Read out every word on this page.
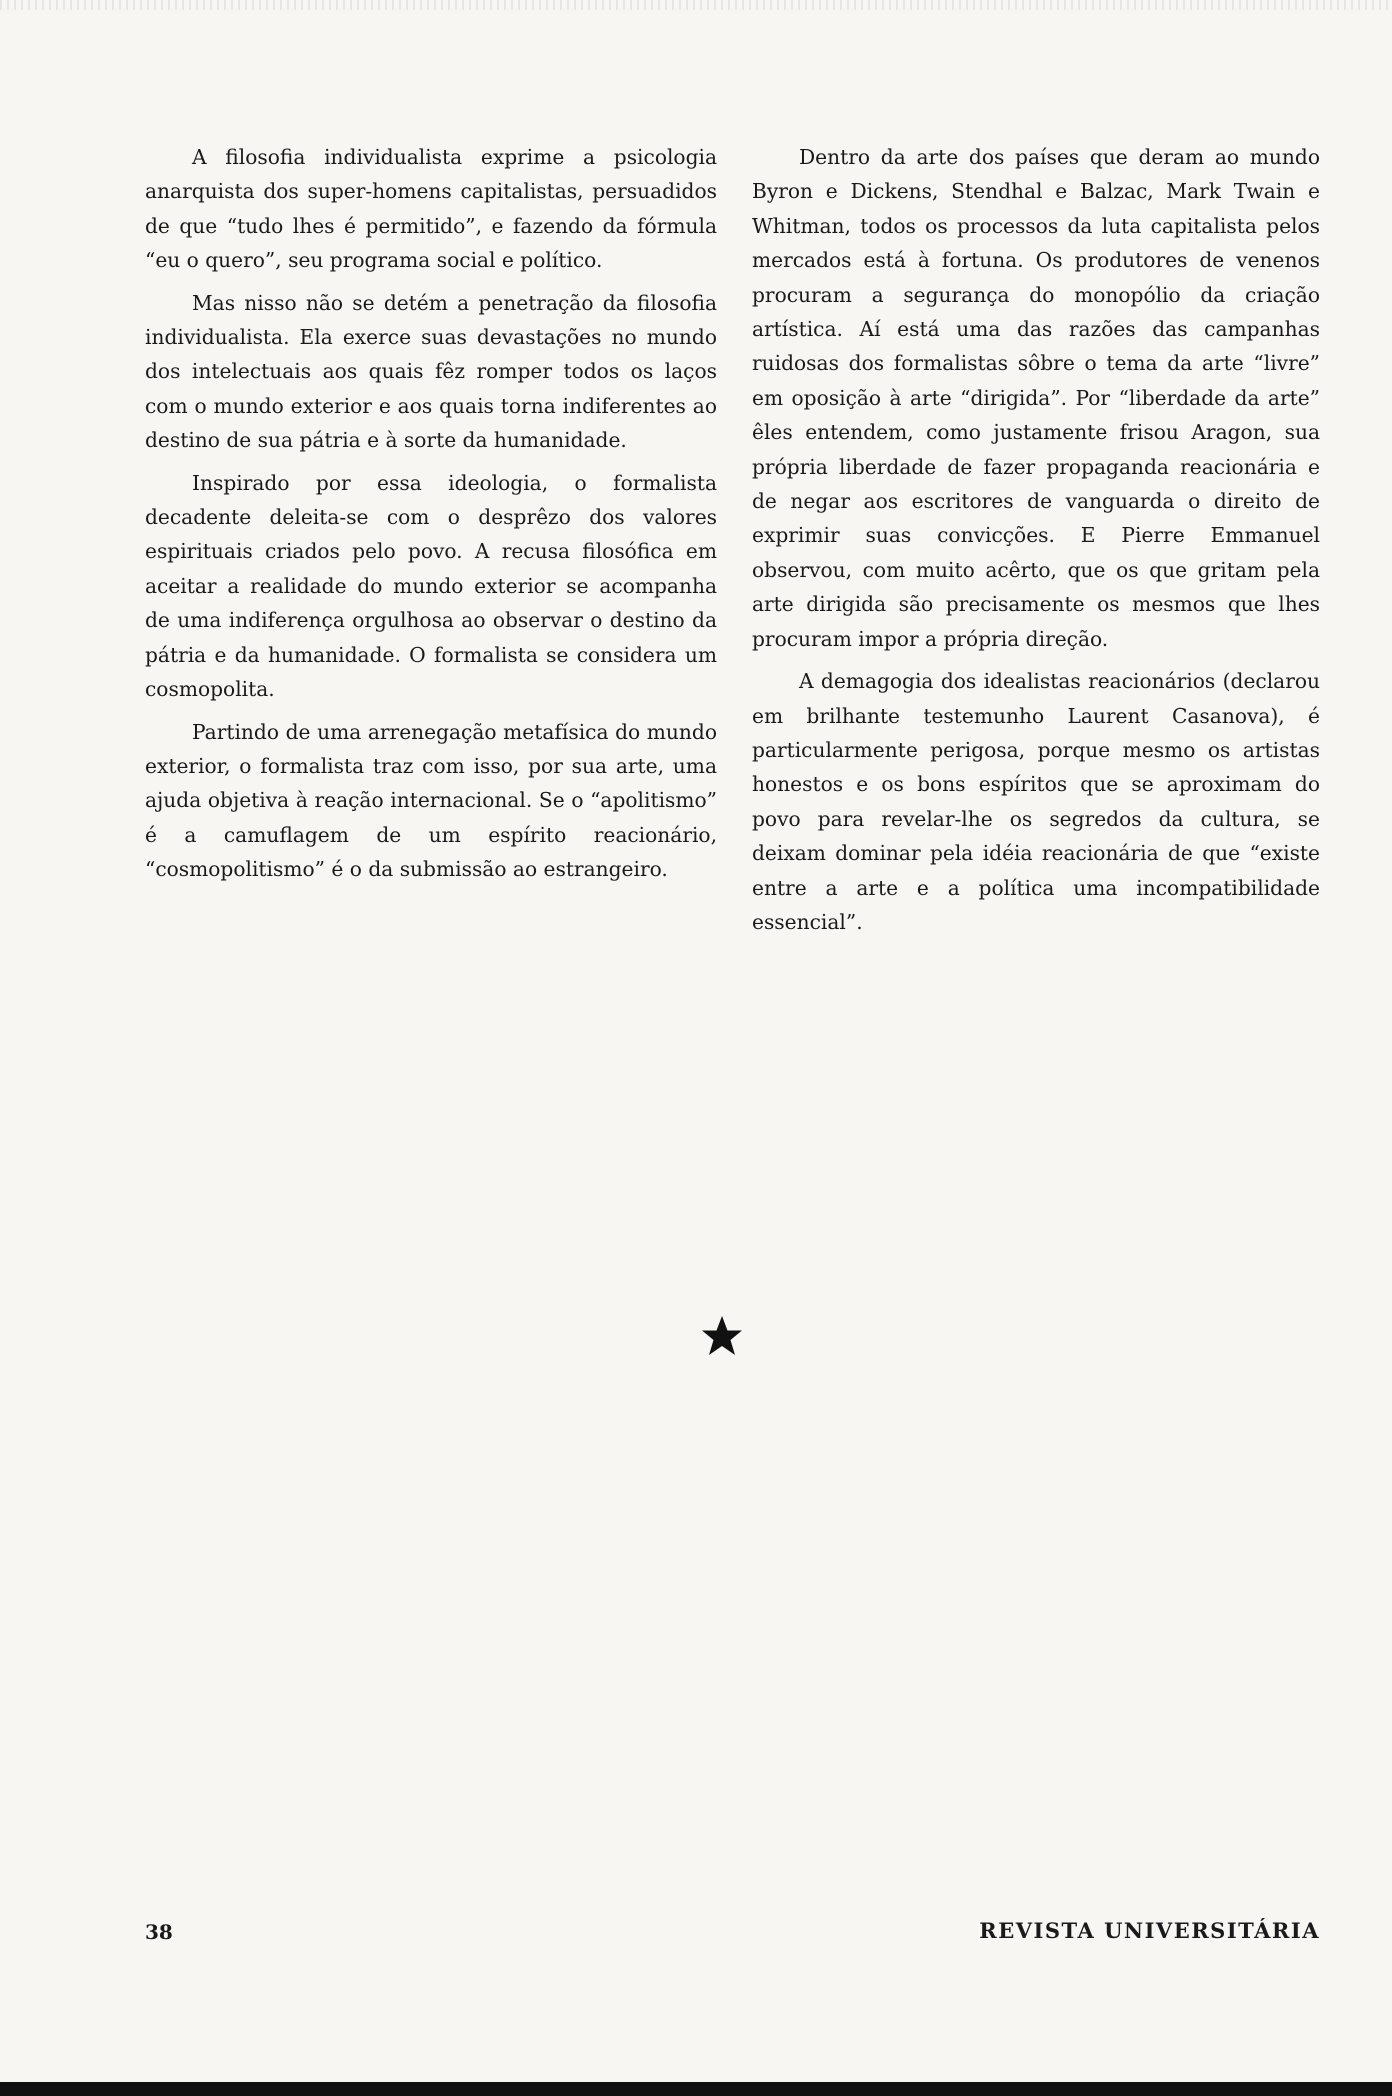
A filosofia individualista exprime a psicologia anarquista dos super-homens capitalistas, persuadidos de que “tudo lhes é permitido”, e fazendo da fórmula “eu o quero”, seu programa social e político.

Mas nisso não se detém a penetração da filosofia individualista. Ela exerce suas devastações no mundo dos intelectuais aos quais fêz romper todos os laços com o mundo exterior e aos quais torna indiferentes ao destino de sua pátria e à sorte da humanidade.

Inspirado por essa ideologia, o formalista decadente deleita-se com o desprêzo dos valores espirituais criados pelo povo. A recusa filosófica em aceitar a realidade do mundo exterior se acompanha de uma indiferença orgulhosa ao observar o destino da pátria e da humanidade. O formalista se considera um cosmopolita.

Partindo de uma arrenegação metafísica do mundo exterior, o formalista traz com isso, por sua arte, uma ajuda objetiva à reação internacional. Se o “apolitismo” é a camuflagem de um espírito reacionário, “cosmopolitismo” é o da submissão ao estrangeiro.

Dentro da arte dos países que deram ao mundo Byron e Dickens, Stendhal e Balzac, Mark Twain e Whitman, todos os processos da luta capitalista pelos mercados está à fortuna. Os produtores de venenos procuram a segurança do monopólio da criação artística. Aí está uma das razões das campanhas ruidosas dos formalistas sôbre o tema da arte “livre” em oposição à arte “dirigida”. Por “liberdade da arte” êles entendem, como justamente frisou Aragon, sua própria liberdade de fazer propaganda reacionária e de negar aos escritores de vanguarda o direito de exprimir suas convicções. E Pierre Emmanuel observou, com muito acêrto, que os que gritam pela arte dirigida são precisamente os mesmos que lhes procuram impor a própria direção.

A demagogia dos idealistas reacionários (declarou em brilhante testemunho Laurent Casanova), é particularmente perigosa, porque mesmo os artistas honestos e os bons espíritos que se aproximam do povo para revelar-lhe os segredos da cultura, se deixam dominar pela idéia reacionária de que “existe entre a arte e a política uma incompatibilidade essencial”.

38	REVISTA UNIVERSITÁRIA
